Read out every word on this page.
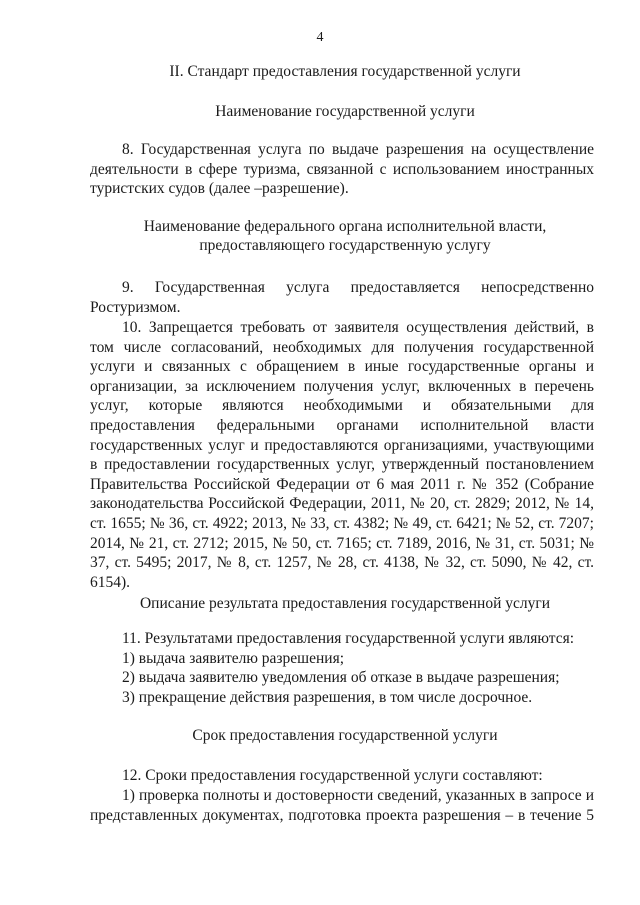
4
II. Стандарт предоставления государственной услуги
Наименование государственной услуги
8. Государственная услуга по выдаче разрешения на осуществление деятельности в сфере туризма, связанной с использованием иностранных туристских судов (далее –разрешение).
Наименование федерального органа исполнительной власти,
предоставляющего государственную услугу
9. Государственная услуга предоставляется непосредственно Ростуризмом.
10. Запрещается требовать от заявителя осуществления действий, в том числе согласований, необходимых для получения государственной услуги и связанных с обращением в иные государственные органы и организации, за исключением получения услуг, включенных в перечень услуг, которые являются необходимыми и обязательными для предоставления федеральными органами исполнительной власти государственных услуг и предоставляются организациями, участвующими в предоставлении государственных услуг, утвержденный постановлением Правительства Российской Федерации от 6 мая 2011 г. № 352 (Собрание законодательства Российской Федерации, 2011, № 20, ст. 2829; 2012, № 14, ст. 1655; № 36, ст. 4922; 2013, № 33, ст. 4382; № 49, ст. 6421; № 52, ст. 7207; 2014, № 21, ст. 2712; 2015, № 50, ст. 7165; ст. 7189, 2016, № 31, ст. 5031; № 37, ст. 5495; 2017, № 8, ст. 1257, № 28, ст. 4138, № 32, ст. 5090, № 42, ст. 6154).
Описание результата предоставления государственной услуги
11. Результатами предоставления государственной услуги являются:
1) выдача заявителю разрешения;
2) выдача заявителю уведомления об отказе в выдаче разрешения;
3) прекращение действия разрешения, в том числе досрочное.
Срок предоставления государственной услуги
12. Сроки предоставления государственной услуги составляют:
1) проверка полноты и достоверности сведений, указанных в запросе и представленных документах, подготовка проекта разрешения – в течение 5
